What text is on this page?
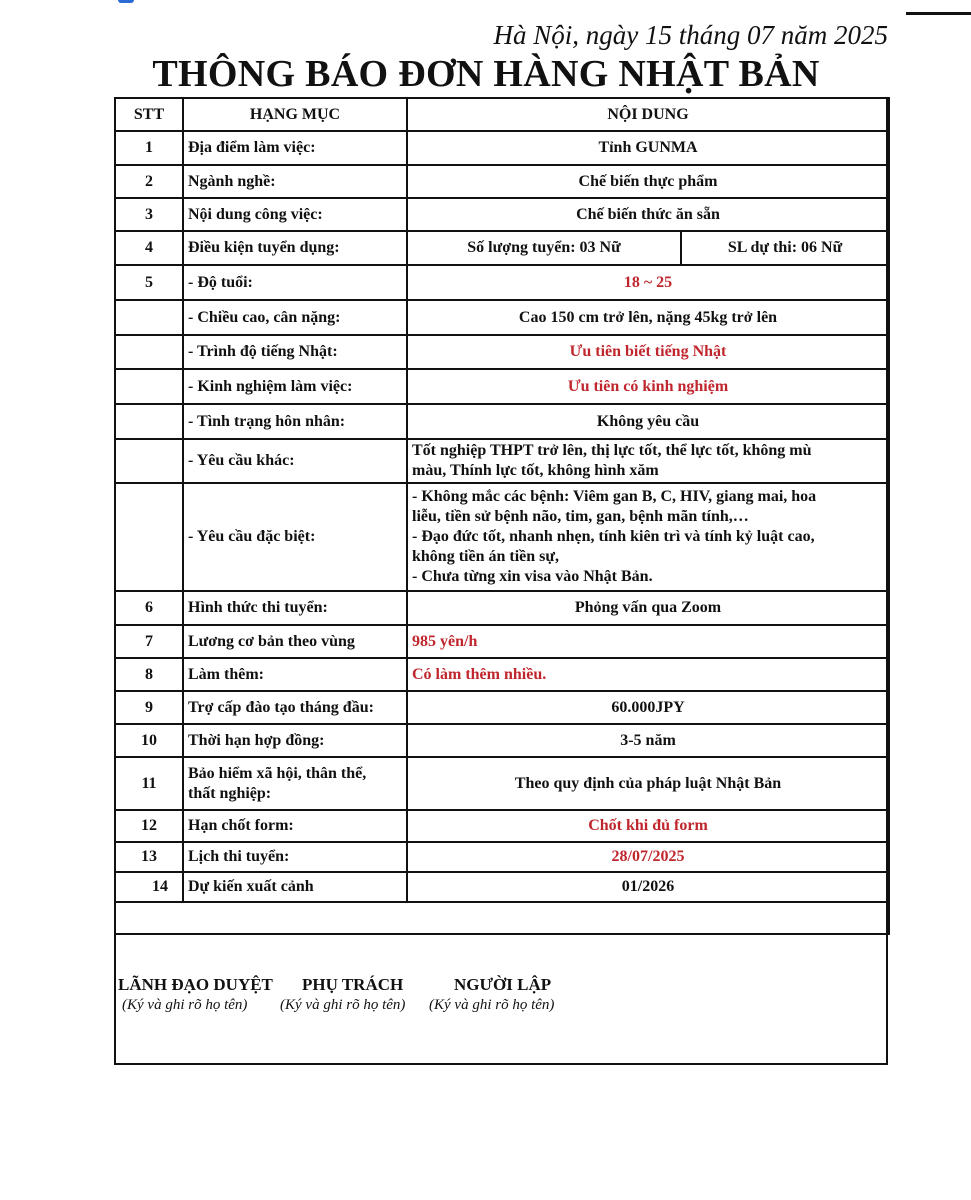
Hà Nội, ngày 15 tháng 07 năm 2025
THÔNG BÁO ĐƠN HÀNG NHẬT BẢN
STT	HẠNG MỤC	NỘI DUNG	
1	Địa điểm làm việc:	Tỉnh GUNMA	
2	Ngành nghề:	Chế biến thực phẩm	
3	Nội dung công việc:	Chế biến thức ăn sẵn	
4	Điều kiện tuyển dụng:	Số lượng tuyển: 03 Nữ	SL dự thi: 06 Nữ
5	- Độ tuổi:	18 ~ 25	
	- Chiều cao, cân nặng:	Cao 150 cm trở lên, nặng 45kg trở lên	
	- Trình độ tiếng Nhật:	Ưu tiên biết tiếng Nhật	
	- Kinh nghiệm làm việc:	Ưu tiên có kinh nghiệm	
	- Tình trạng hôn nhân:	Không yêu cầu	
	- Yêu cầu khác:	Tốt nghiệp THPT trở lên, thị lực tốt, thể lực tốt, không mù
màu, Thính lực tốt, không hình xăm	

	- Yêu cầu đặc biệt:	- Không mắc các bệnh: Viêm gan B, C, HIV, giang mai, hoa
liễu, tiền sử bệnh não, tim, gan, bệnh mãn tính,…
- Đạo đức tốt, nhanh nhẹn, tính kiên trì và tính kỷ luật cao,
không tiền án tiền sự,
- Chưa từng xin visa vào Nhật Bản.	

6	Hình thức thi tuyển:	Phỏng vấn qua Zoom	
7	Lương cơ bản theo vùng	985 yên/h	
8	Làm thêm:	Có làm thêm nhiều.	
9	Trợ cấp đào tạo tháng đầu:	60.000JPY	
10	Thời hạn hợp đồng:	3-5 năm	
11	Bảo hiểm xã hội, thân thể,
thất nghiệp:	Theo quy định của pháp luật Nhật Bản	
12	Hạn chốt form:	Chốt khi đủ form	
13	Lịch thi tuyển:	28/07/2025	
14	Dự kiến xuất cảnh	01/2026	

LÃNH ĐẠO DUYỆT PHỤ TRÁCH	NGƯỜI LẬP
(Ký và ghi rõ họ tên) (Ký và ghi rõ họ tên) (Ký và ghi rõ họ tên)
